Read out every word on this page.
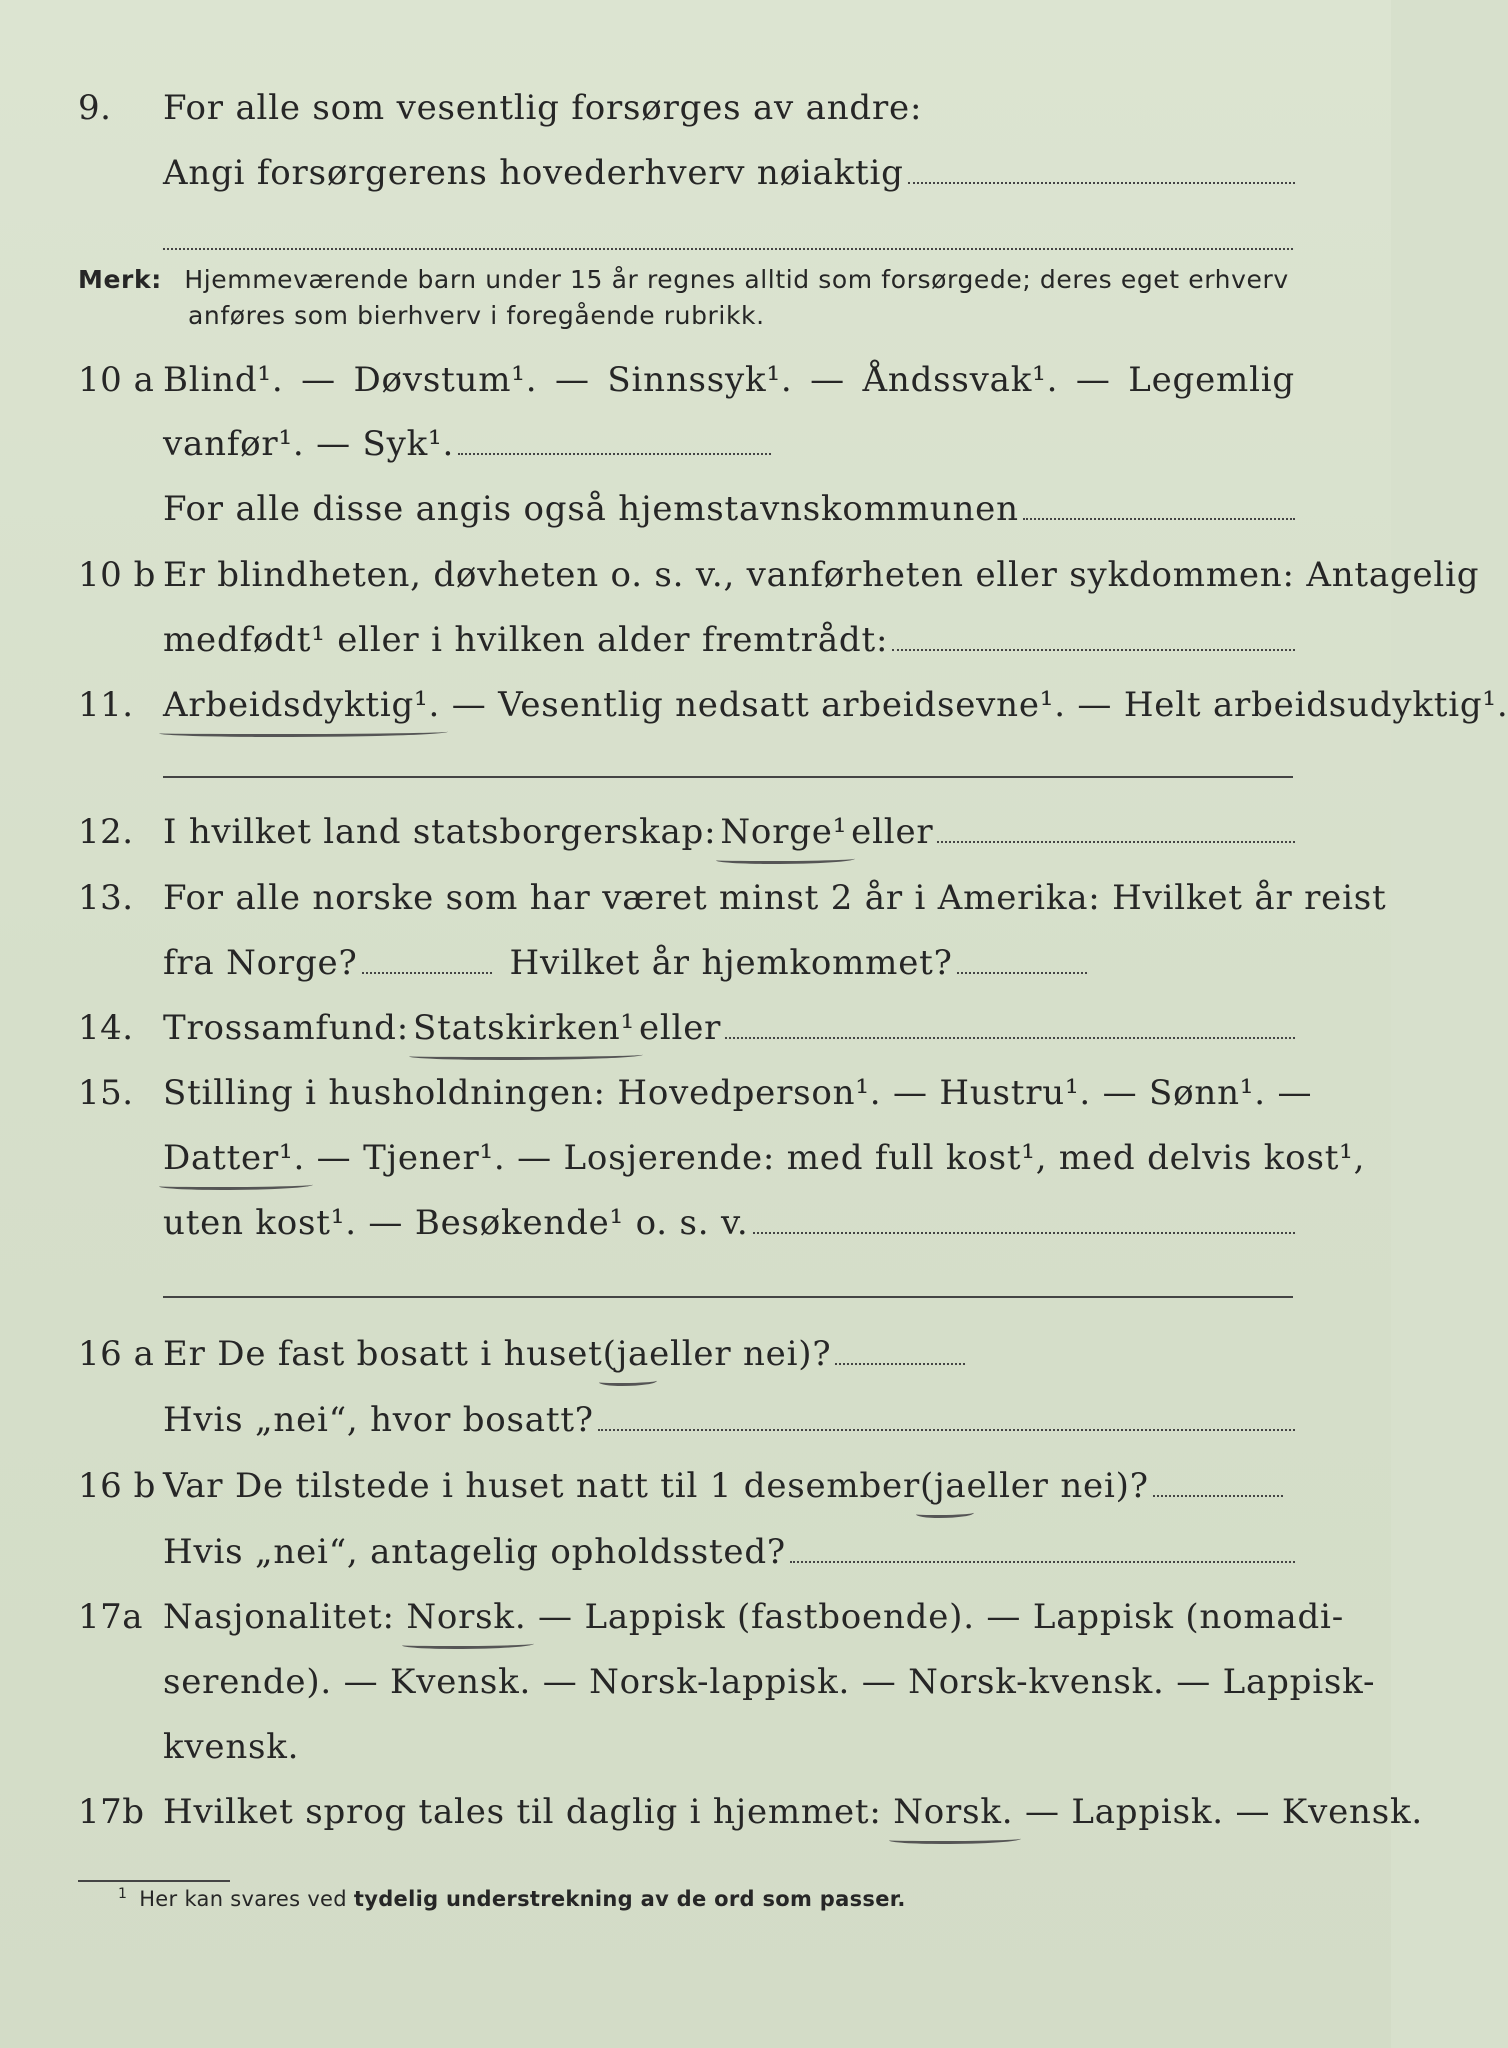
9.	For alle som vesentlig forsørges av andre:
Angi forsørgerens hovederhverv nøiaktig
Merk: Hjemmeværende barn under 15 år regnes alltid som forsørgede; deres eget erhverv
anføres som bierhverv i foregående rubrikk.
10 a Blind¹. — Døvstum¹. — Sinnssyk¹. — Åndssvak¹. — Legemlig
vanfør¹. — Syk¹.
For alle disse angis også hjemstavnskommunen
10 b Er blindheten, døvheten o. s. v., vanførheten eller sykdommen: Antagelig
medfødt¹ eller i hvilken alder fremtrådt:
11. Arbeidsdyktig¹. — Vesentlig nedsatt arbeidsevne¹. — Helt arbeidsudyktig¹.
12. I hvilket land statsborgerskap: Norge¹ eller
13. For alle norske som har været minst 2 år i Amerika: Hvilket år reist
fra Norge?	Hvilket år hjemkommet?
14. Trossamfund: Statskirken¹ eller
15. Stilling i husholdningen: Hovedperson¹. — Hustru¹. — Sønn¹. —
Datter¹. — Tjener¹. — Losjerende: med full kost¹, med delvis kost¹,
uten kost¹. — Besøkende¹ o. s. v.
16 a Er De fast bosatt i huset (ja eller nei)?
Hvis „nei“, hvor bosatt?
16 b Var De tilstede i huset natt til 1 desember (ja eller nei)?
Hvis „nei“, antagelig opholdssted?
17a Nasjonalitet: Norsk. — Lappisk (fastboende). — Lappisk (nomadi-
serende). — Kvensk. — Norsk-lappisk. — Norsk-kvensk. — Lappisk-
kvensk.
17b Hvilket sprog tales til daglig i hjemmet: Norsk. — Lappisk. — Kvensk.
$^1$ Her kan svares ved tydelig understrekning av de ord som passer.
